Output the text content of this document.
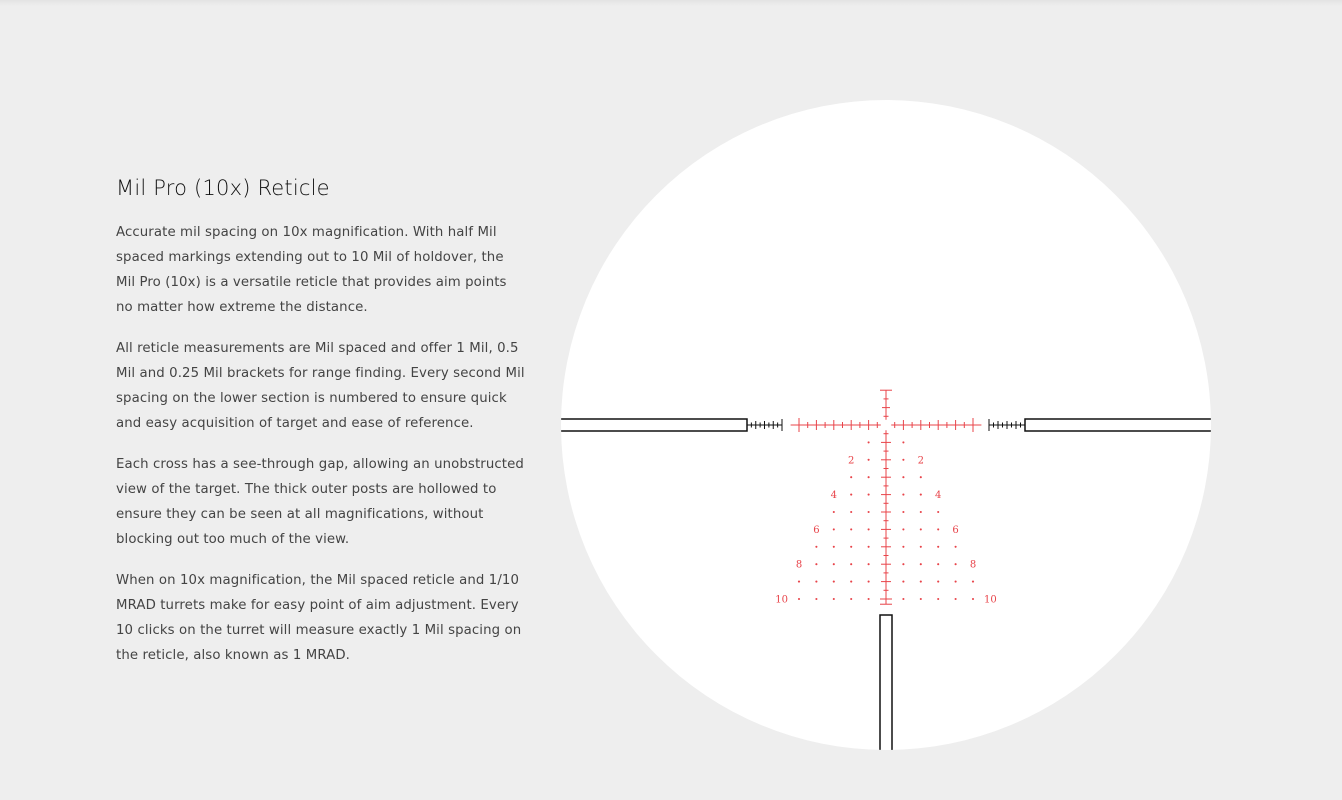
Mil Pro (10x) Reticle

Accurate mil spacing on 10x magnification. With half Mil spaced markings extending out to 10 Mil of holdover, the Mil Pro (10x) is a versatile reticle that provides aim points no matter how extreme the distance.

All reticle measurements are Mil spaced and offer 1 Mil, 0.5 Mil and 0.25 Mil brackets for range finding. Every second Mil spacing on the lower section is numbered to ensure quick and easy acquisition of target and ease of reference.

Each cross has a see-through gap, allowing an unobstructed view of the target. The thick outer posts are hollowed to ensure they can be seen at all magnifications, without blocking out too much of the view.

When on 10x magnification, the Mil spaced reticle and 1/10 MRAD turrets make for easy point of aim adjustment. Every 10 clicks on the turret will measure exactly 1 Mil spacing on the reticle, also known as 1 MRAD.

2	2
4	4
6	6
8	8
10	10
